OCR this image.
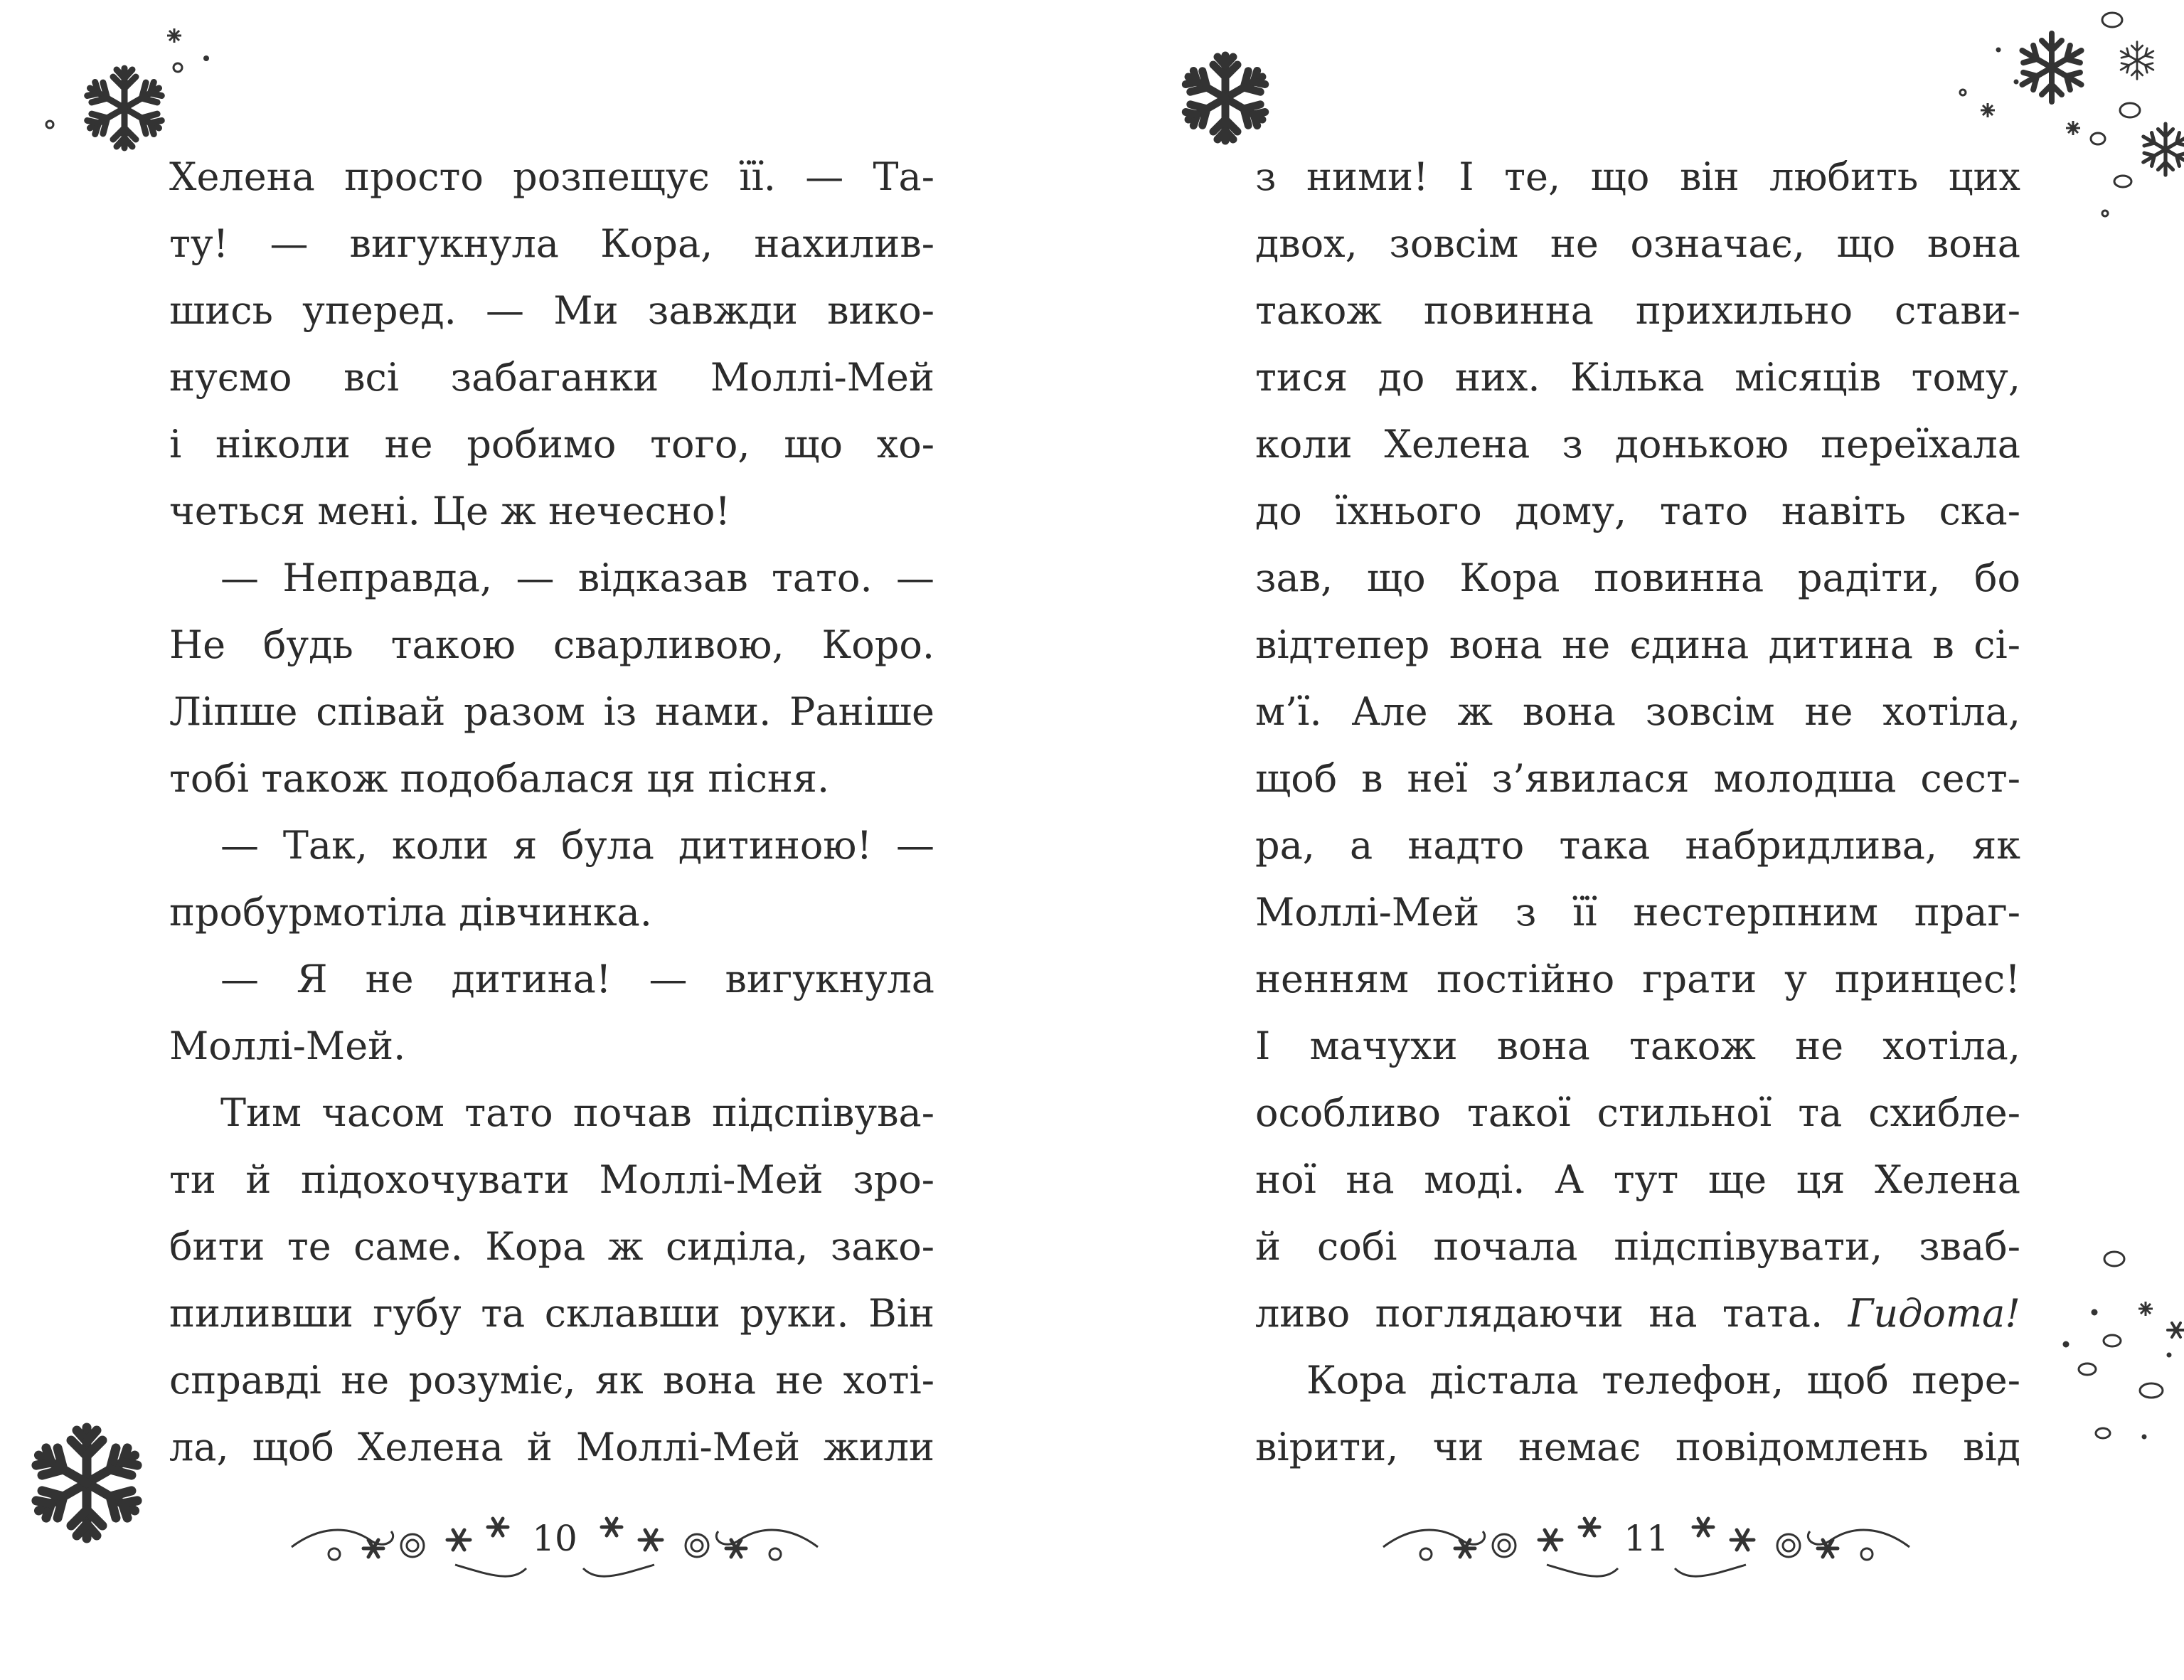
Хелена просто розпещує її. — Та-
ту! — вигукнула Кора, нахилив-
шись уперед. — Ми завжди вико-
нуємо всі забаганки Моллі-Мей
і ніколи не робимо того, що хо-
четься мені. Це ж нечесно!
— Неправда, — відказав тато. —
Не будь такою сварливою, Коро.
Ліпше співай разом із нами. Раніше
тобі також подобалася ця пісня.
— Так, коли я була дитиною! —
пробурмотіла дівчинка.
— Я не дитина! — вигукнула
Моллі-Мей.
Тим часом тато почав підспівува-
ти й підохочувати Моллі-Мей зро-
бити те саме. Кора ж сиділа, зако-
пиливши губу та склавши руки. Він
справді не розуміє, як вона не хоті-
ла, щоб Хелена й Моллі-Мей жили
10
з ними! І те, що він любить цих
двох, зовсім не означає, що вона
також повинна прихильно стави-
тися до них. Кілька місяців тому,
коли Хелена з донькою переїхала
до їхнього дому, тато навіть ска-
зав, що Кора повинна радіти, бо
відтепер вона не єдина дитина в сі-
м’ї. Але ж вона зовсім не хотіла,
щоб в неї з’явилася молодша сест-
ра, а надто така набридлива, як
Моллі-Мей з її нестерпним праг-
ненням постійно грати у принцес!
І мачухи вона також не хотіла,
особливо такої стильної та схибле-
ної на моді. А тут ще ця Хелена
й собі почала підспівувати, зваб-
ливо поглядаючи на тата. Гидота!
Кора дістала телефон, щоб пере-
вірити, чи немає повідомлень від
11
